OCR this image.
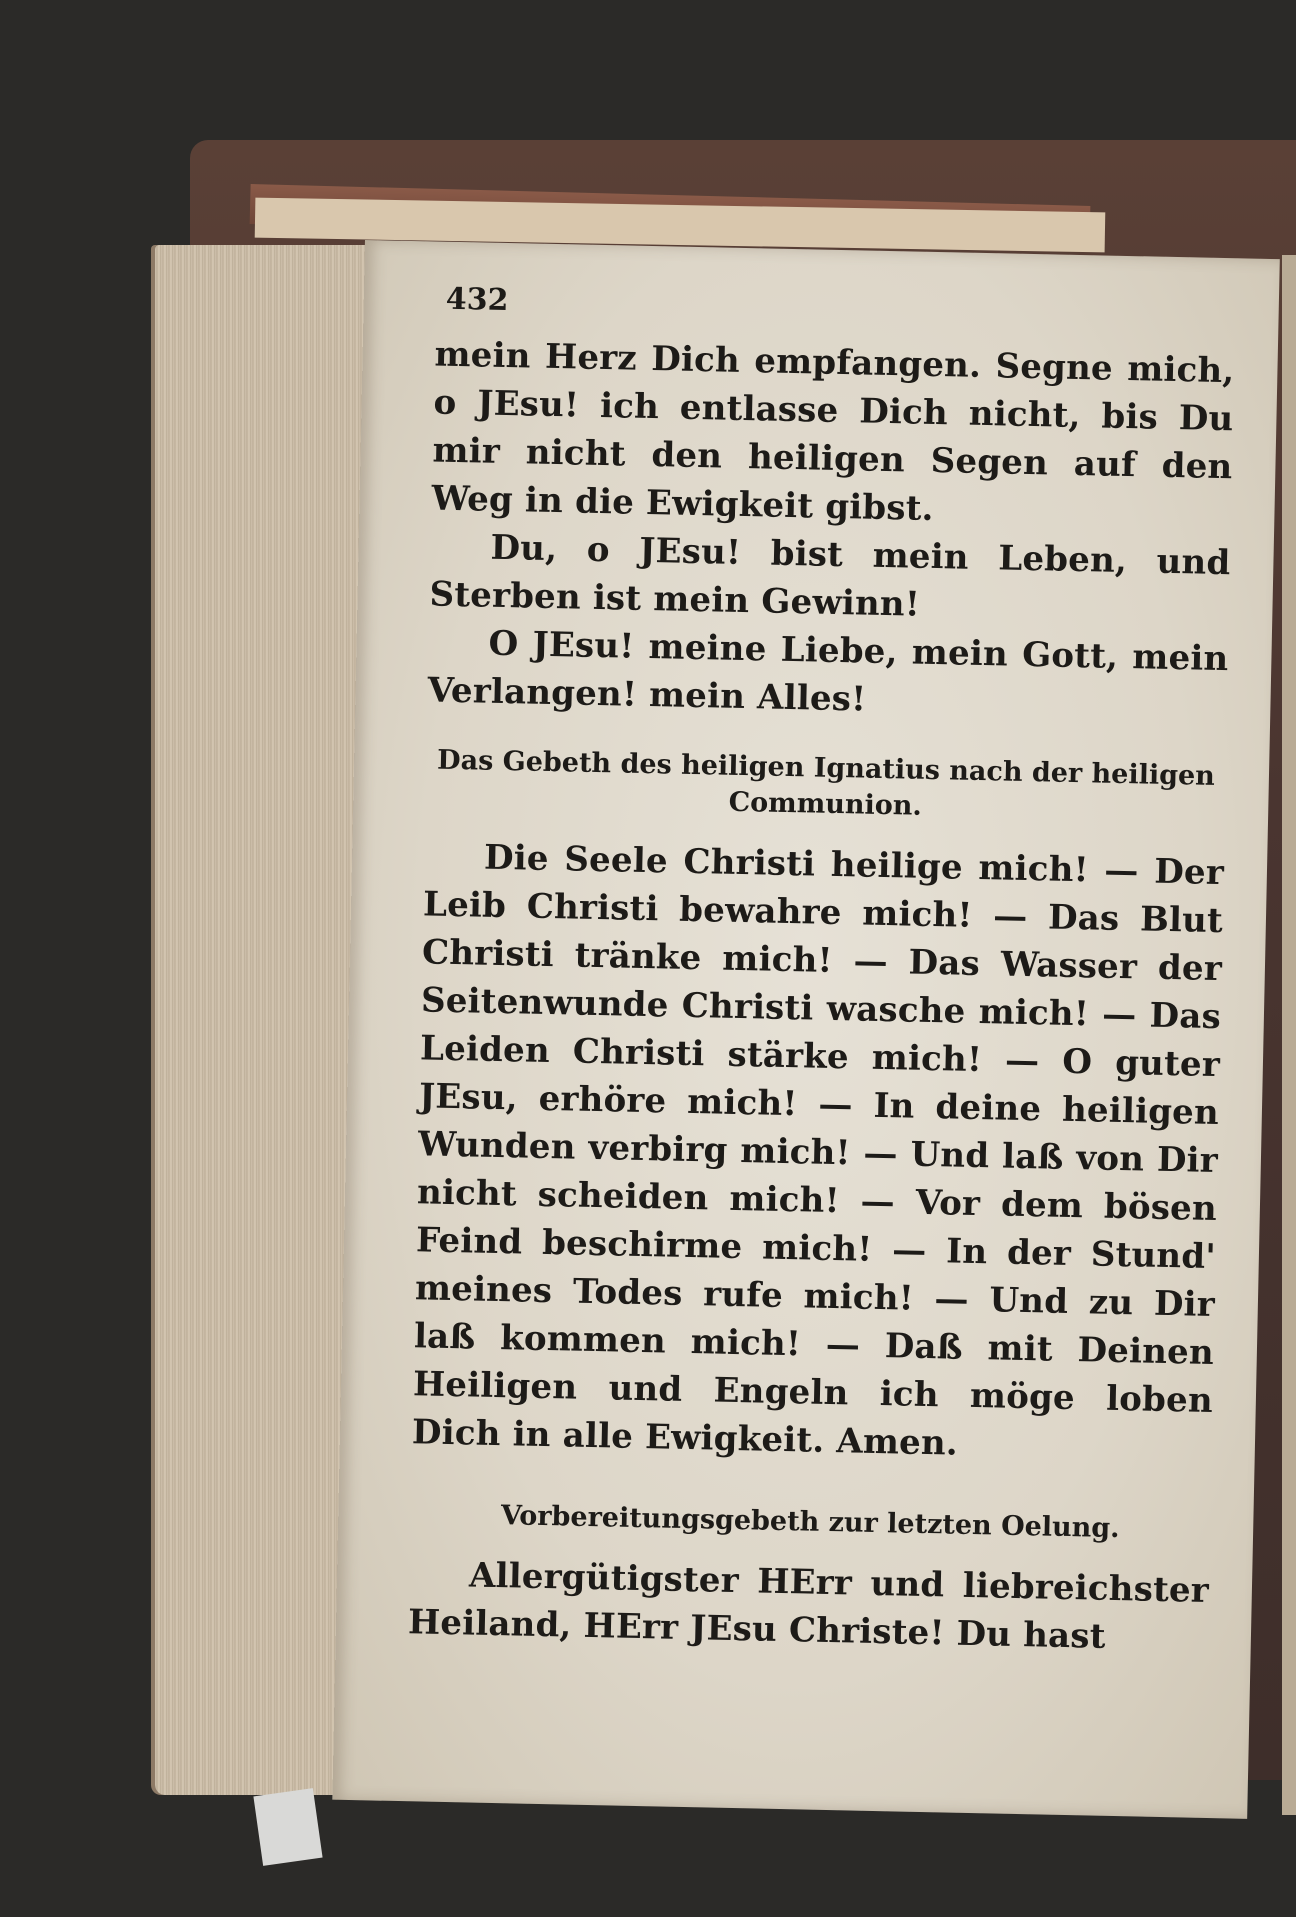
432

mein Herz Dich empfangen. Segne mich, o JEsu! ich entlasse Dich nicht, bis Du mir nicht den heiligen Segen auf den Weg in die Ewigkeit gibst.

Du, o JEsu! bist mein Leben, und Sterben ist mein Gewinn!

O JEsu! meine Liebe, mein Gott, mein Verlangen! mein Alles!

Das Gebeth des heiligen Ignatius nach der heiligen Communion.

Die Seele Christi heilige mich! — Der Leib Christi bewahre mich! — Das Blut Christi tränke mich! — Das Wasser der Seitenwunde Christi wasche mich! — Das Leiden Christi stärke mich! — O guter JEsu, erhöre mich! — In deine heiligen Wunden verbirg mich! — Und laß von Dir nicht scheiden mich! — Vor dem bösen Feind beschirme mich! — In der Stund' meines Todes rufe mich! — Und zu Dir laß kommen mich! — Daß mit Deinen Heiligen und Engeln ich möge loben Dich in alle Ewigkeit. Amen.

Vorbereitungsgebeth zur letzten Oelung.

Allergütigster HErr und liebreichster Heiland, HErr JEsu Christe! Du hast
